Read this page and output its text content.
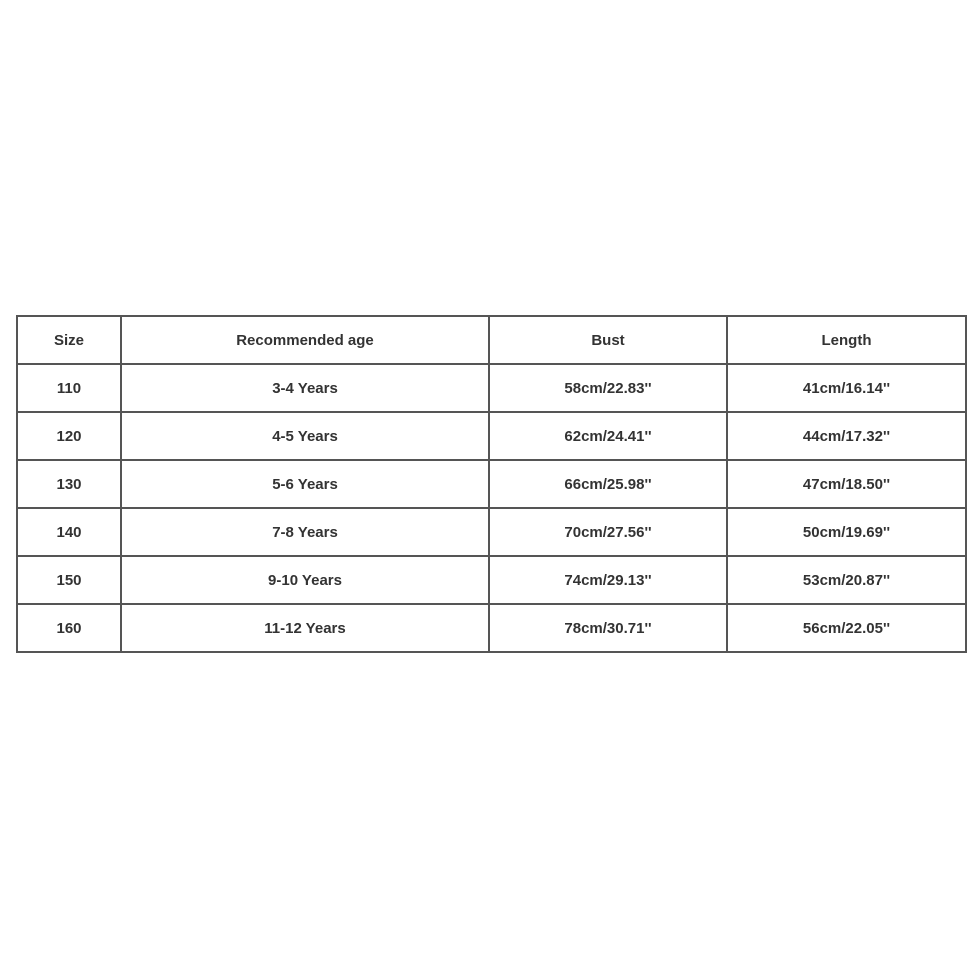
Size	Recommended age	Bust	Length
110	3-4 Years	58cm/22.83''	41cm/16.14''
120	4-5 Years	62cm/24.41''	44cm/17.32''
130	5-6 Years	66cm/25.98''	47cm/18.50''
140	7-8 Years	70cm/27.56''	50cm/19.69''
150	9-10 Years	74cm/29.13''	53cm/20.87''
160	11-12 Years	78cm/30.71''	56cm/22.05''
